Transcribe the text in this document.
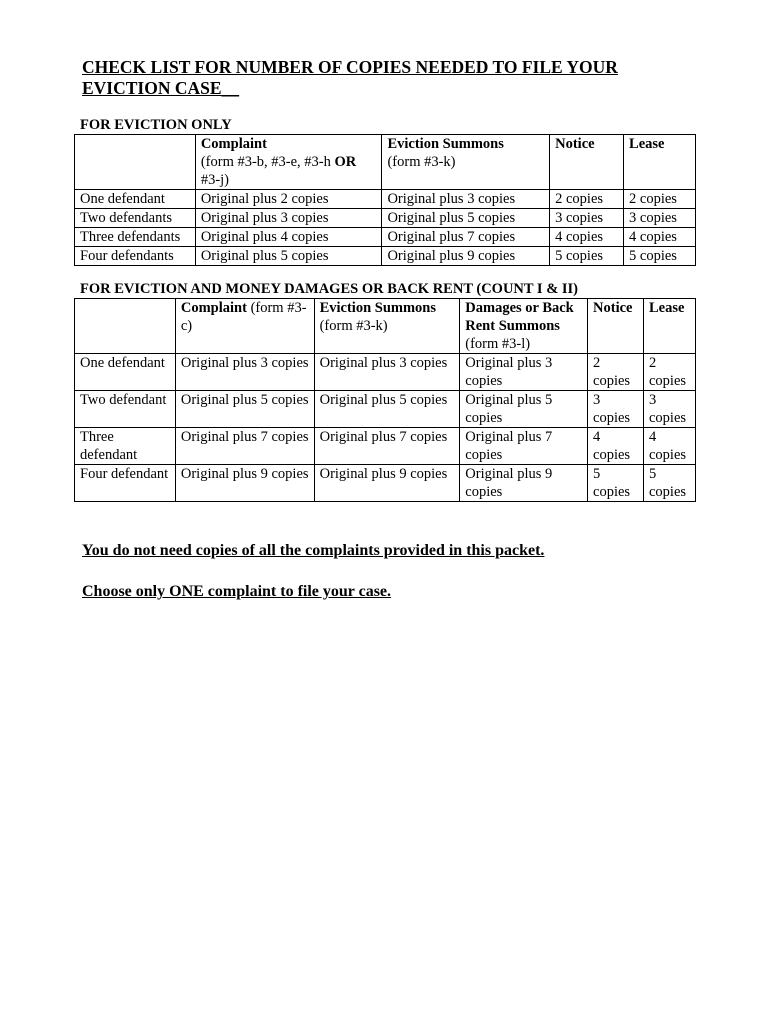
CHECK LIST FOR NUMBER OF COPIES NEEDED TO FILE YOUR
EVICTION CASE__

FOR EVICTION ONLY

	Complaint
(form #3-b, #3-e, #3-h OR
#3-j)	Eviction Summons
(form #3-k)	Notice	Lease
One defendant	Original plus 2 copies	Original plus 3 copies	2 copies	2 copies
Two defendants	Original plus 3 copies	Original plus 5 copies	3 copies	3 copies
Three defendants	Original plus 4 copies	Original plus 7 copies	4 copies	4 copies
Four defendants	Original plus 5 copies	Original plus 9 copies	5 copies	5 copies

FOR EVICTION AND MONEY DAMAGES OR BACK RENT (COUNT I & II)

	Complaint (form #3-c)	Eviction Summons
(form #3-k)	Damages or Back Rent Summons
(form #3-l)	Notice	Lease
One defendant	Original plus 3 copies	Original plus 3 copies	Original plus 3 copies	2 copies	2 copies
Two defendant	Original plus 5 copies	Original plus 5 copies	Original plus 5 copies	3 copies	3 copies
Three defendant	Original plus 7 copies	Original plus 7 copies	Original plus 7 copies	4 copies	4 copies
Four defendant	Original plus 9 copies	Original plus 9 copies	Original plus 9 copies	5 copies	5 copies

You do not need copies of all the complaints provided in this packet.

Choose only ONE complaint to file your case.
